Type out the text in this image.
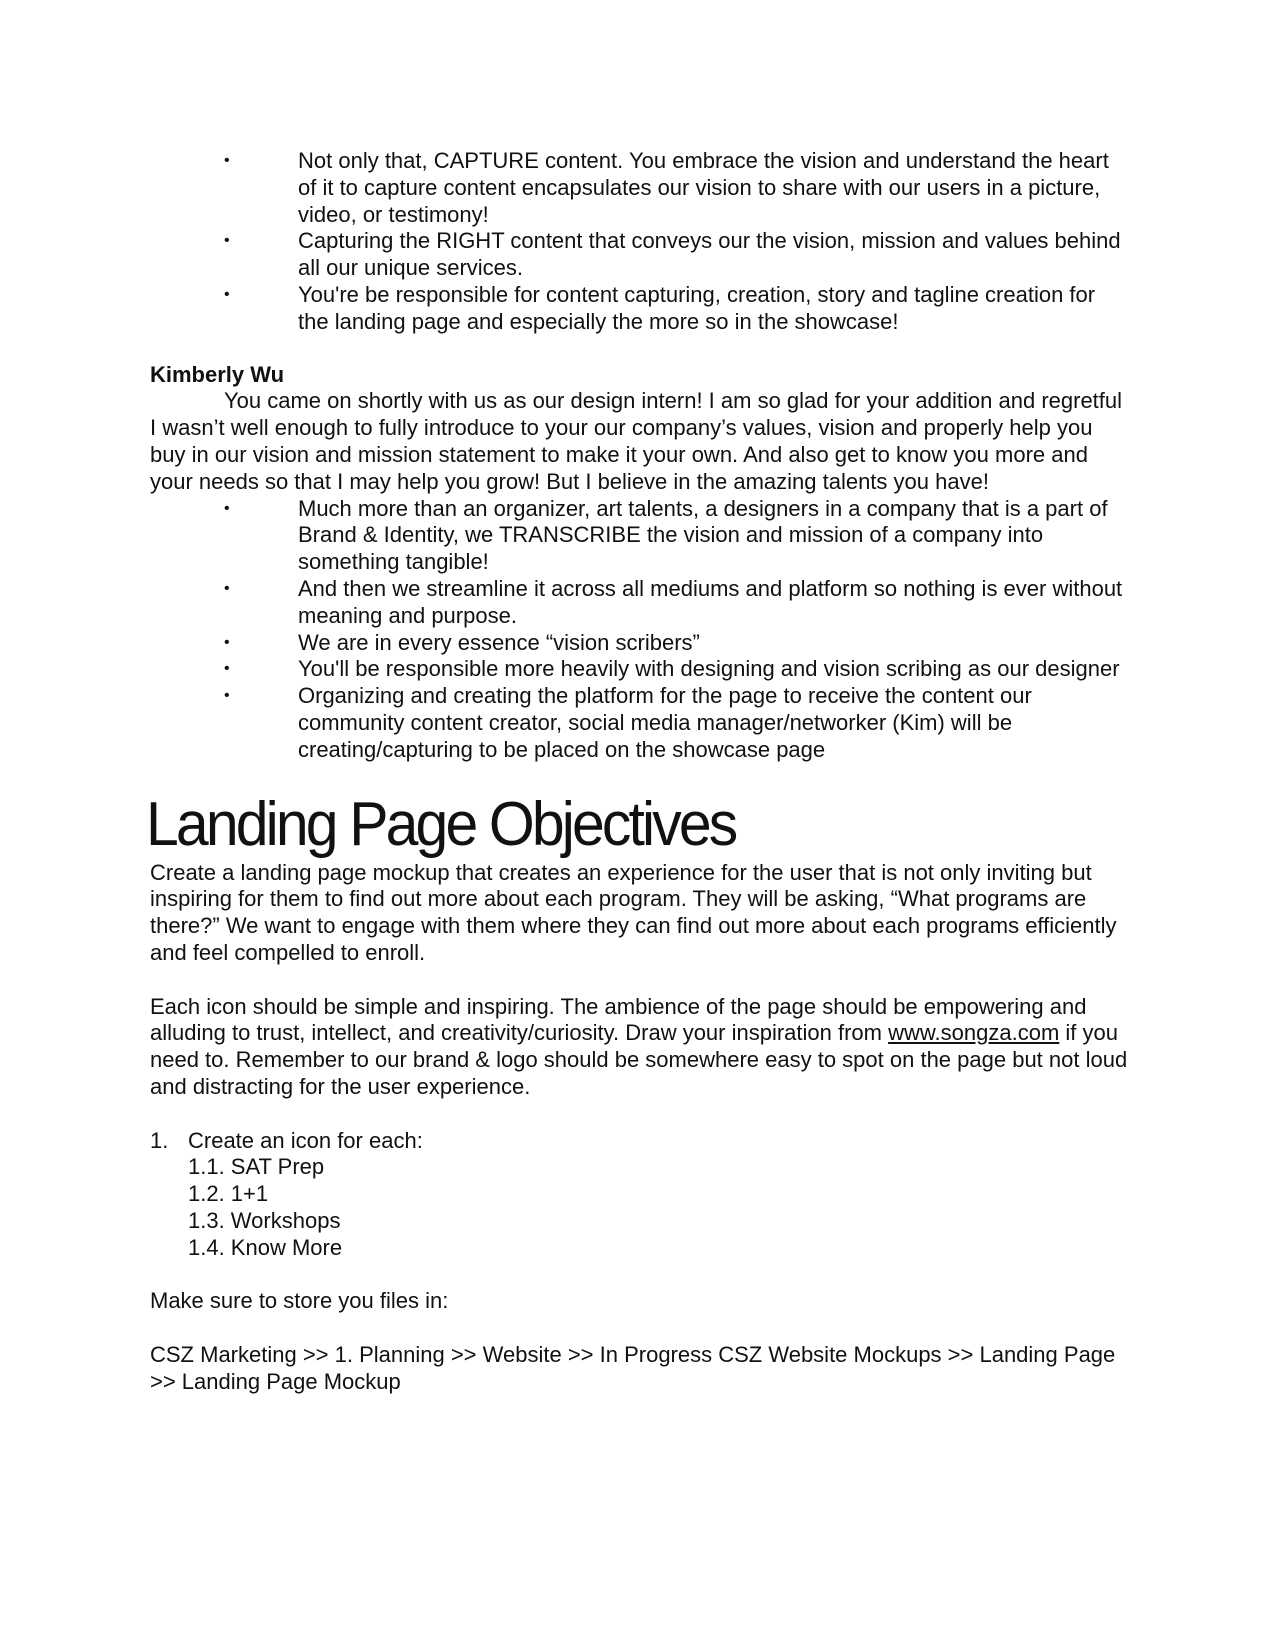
•	Not only that, CAPTURE content. You embrace the vision and understand the heart of it to capture content encapsulates our vision to share with our users in a picture, video, or testimony!
•	Capturing the RIGHT content that conveys our the vision, mission and values behind all our unique services.
•	You're be responsible for content capturing, creation, story and tagline creation for the landing page and especially the more so in the showcase!
Kimberly Wu

You came on shortly with us as our design intern! I am so glad for your addition and regretful I wasn’t well enough to fully introduce to your our company’s values, vision and properly help you buy in our vision and mission statement to make it your own. And also get to know you more and your needs so that I may help you grow! But I believe in the amazing talents you have!

•	Much more than an organizer, art talents, a designers in a company that is a part of Brand & Identity, we TRANSCRIBE the vision and mission of a company into something tangible!
•	And then we streamline it across all mediums and platform so nothing is ever without meaning and purpose.
•	We are in every essence “vision scribers”
•	You'll be responsible more heavily with designing and vision scribing as our designer
•	Organizing and creating the platform for the page to receive the content our community content creator, social media manager/networker (Kim) will be creating/capturing to be placed on the showcase page
Landing Page Objectives

Create a landing page mockup that creates an experience for the user that is not only inviting but inspiring for them to find out more about each program. They will be asking, “What programs are there?” We want to engage with them where they can find out more about each programs efficiently and feel compelled to enroll.

Each icon should be simple and inspiring. The ambience of the page should be empowering and alluding to trust, intellect, and creativity/curiosity. Draw your inspiration from www.songza.com if you need to. Remember to our brand & logo should be somewhere easy to spot on the page but not loud and distracting for the user experience.

1. Create an icon for each:
1.1. SAT Prep
1.2. 1+1
1.3. Workshops
1.4. Know More

Make sure to store you files in:

CSZ Marketing >> 1. Planning >> Website >> In Progress CSZ Website Mockups >> Landing Page >> Landing Page Mockup
